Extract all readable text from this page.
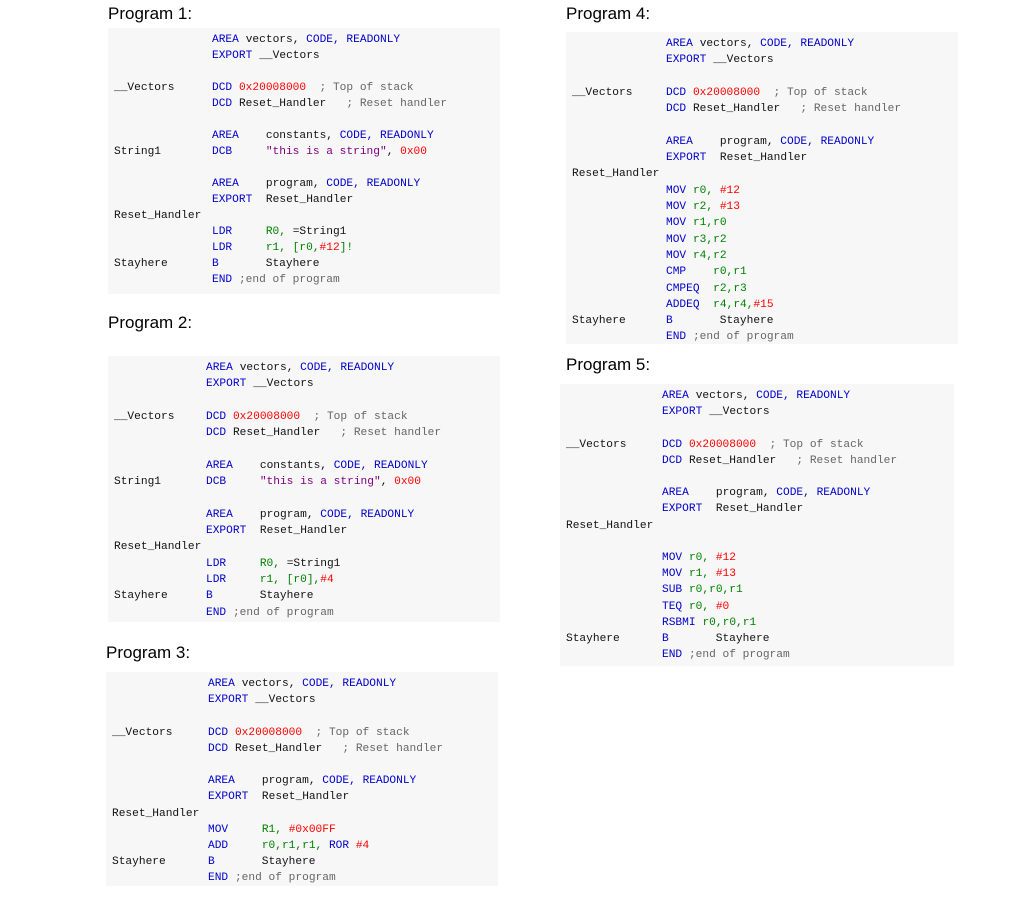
Program 1:
AREA vectors, CODE, READONLY
EXPORT __Vectors
__Vectors	DCD 0x20008000  ; Top of stack
DCD Reset_Handler   ; Reset handler
AREA constants, CODE, READONLY
String1	DCB	"this is a string", 0x00
AREA program, CODE, READONLY
EXPORT Reset_Handler
Reset_Handler
LDR	R0, =String1
LDR	r1, [r0,#12]!
Stayhere	B Stayhere
END ;end of program
Program 2:
AREA vectors, CODE, READONLY
EXPORT __Vectors
__Vectors	DCD 0x20008000  ; Top of stack
DCD Reset_Handler   ; Reset handler
AREA constants, CODE, READONLY
String1	DCB	"this is a string", 0x00
AREA program, CODE, READONLY
EXPORT Reset_Handler
Reset_Handler
LDR	R0, =String1
LDR	r1, [r0],#4
Stayhere	B Stayhere
END ;end of program
Program 3:
AREA vectors, CODE, READONLY
EXPORT __Vectors
__Vectors	DCD 0x20008000  ; Top of stack
DCD Reset_Handler   ; Reset handler
AREA program, CODE, READONLY
EXPORT Reset_Handler
Reset_Handler
MOV	R1, #0x00FF
ADD	r0,r1,r1, ROR #4
Stayhere	B Stayhere
END ;end of program
Program 4:
AREA vectors, CODE, READONLY
EXPORT __Vectors
__Vectors	DCD 0x20008000  ; Top of stack
DCD Reset_Handler   ; Reset handler
AREA program, CODE, READONLY
EXPORT Reset_Handler
Reset_Handler
MOV r0, #12
MOV r2, #13
MOV r1,r0
MOV r3,r2
MOV r4,r2
CMP r0,r1
CMPEQ r2,r3
ADDEQ r4,r4,#15
Stayhere	B Stayhere
END ;end of program
Program 5:
AREA vectors, CODE, READONLY
EXPORT __Vectors
__Vectors	DCD 0x20008000  ; Top of stack
DCD Reset_Handler   ; Reset handler
AREA program, CODE, READONLY
EXPORT Reset_Handler
Reset_Handler
MOV r0, #12
MOV r1, #13
SUB r0,r0,r1
TEQ r0, #0
RSBMI r0,r0,r1
Stayhere	B Stayhere
END ;end of program
